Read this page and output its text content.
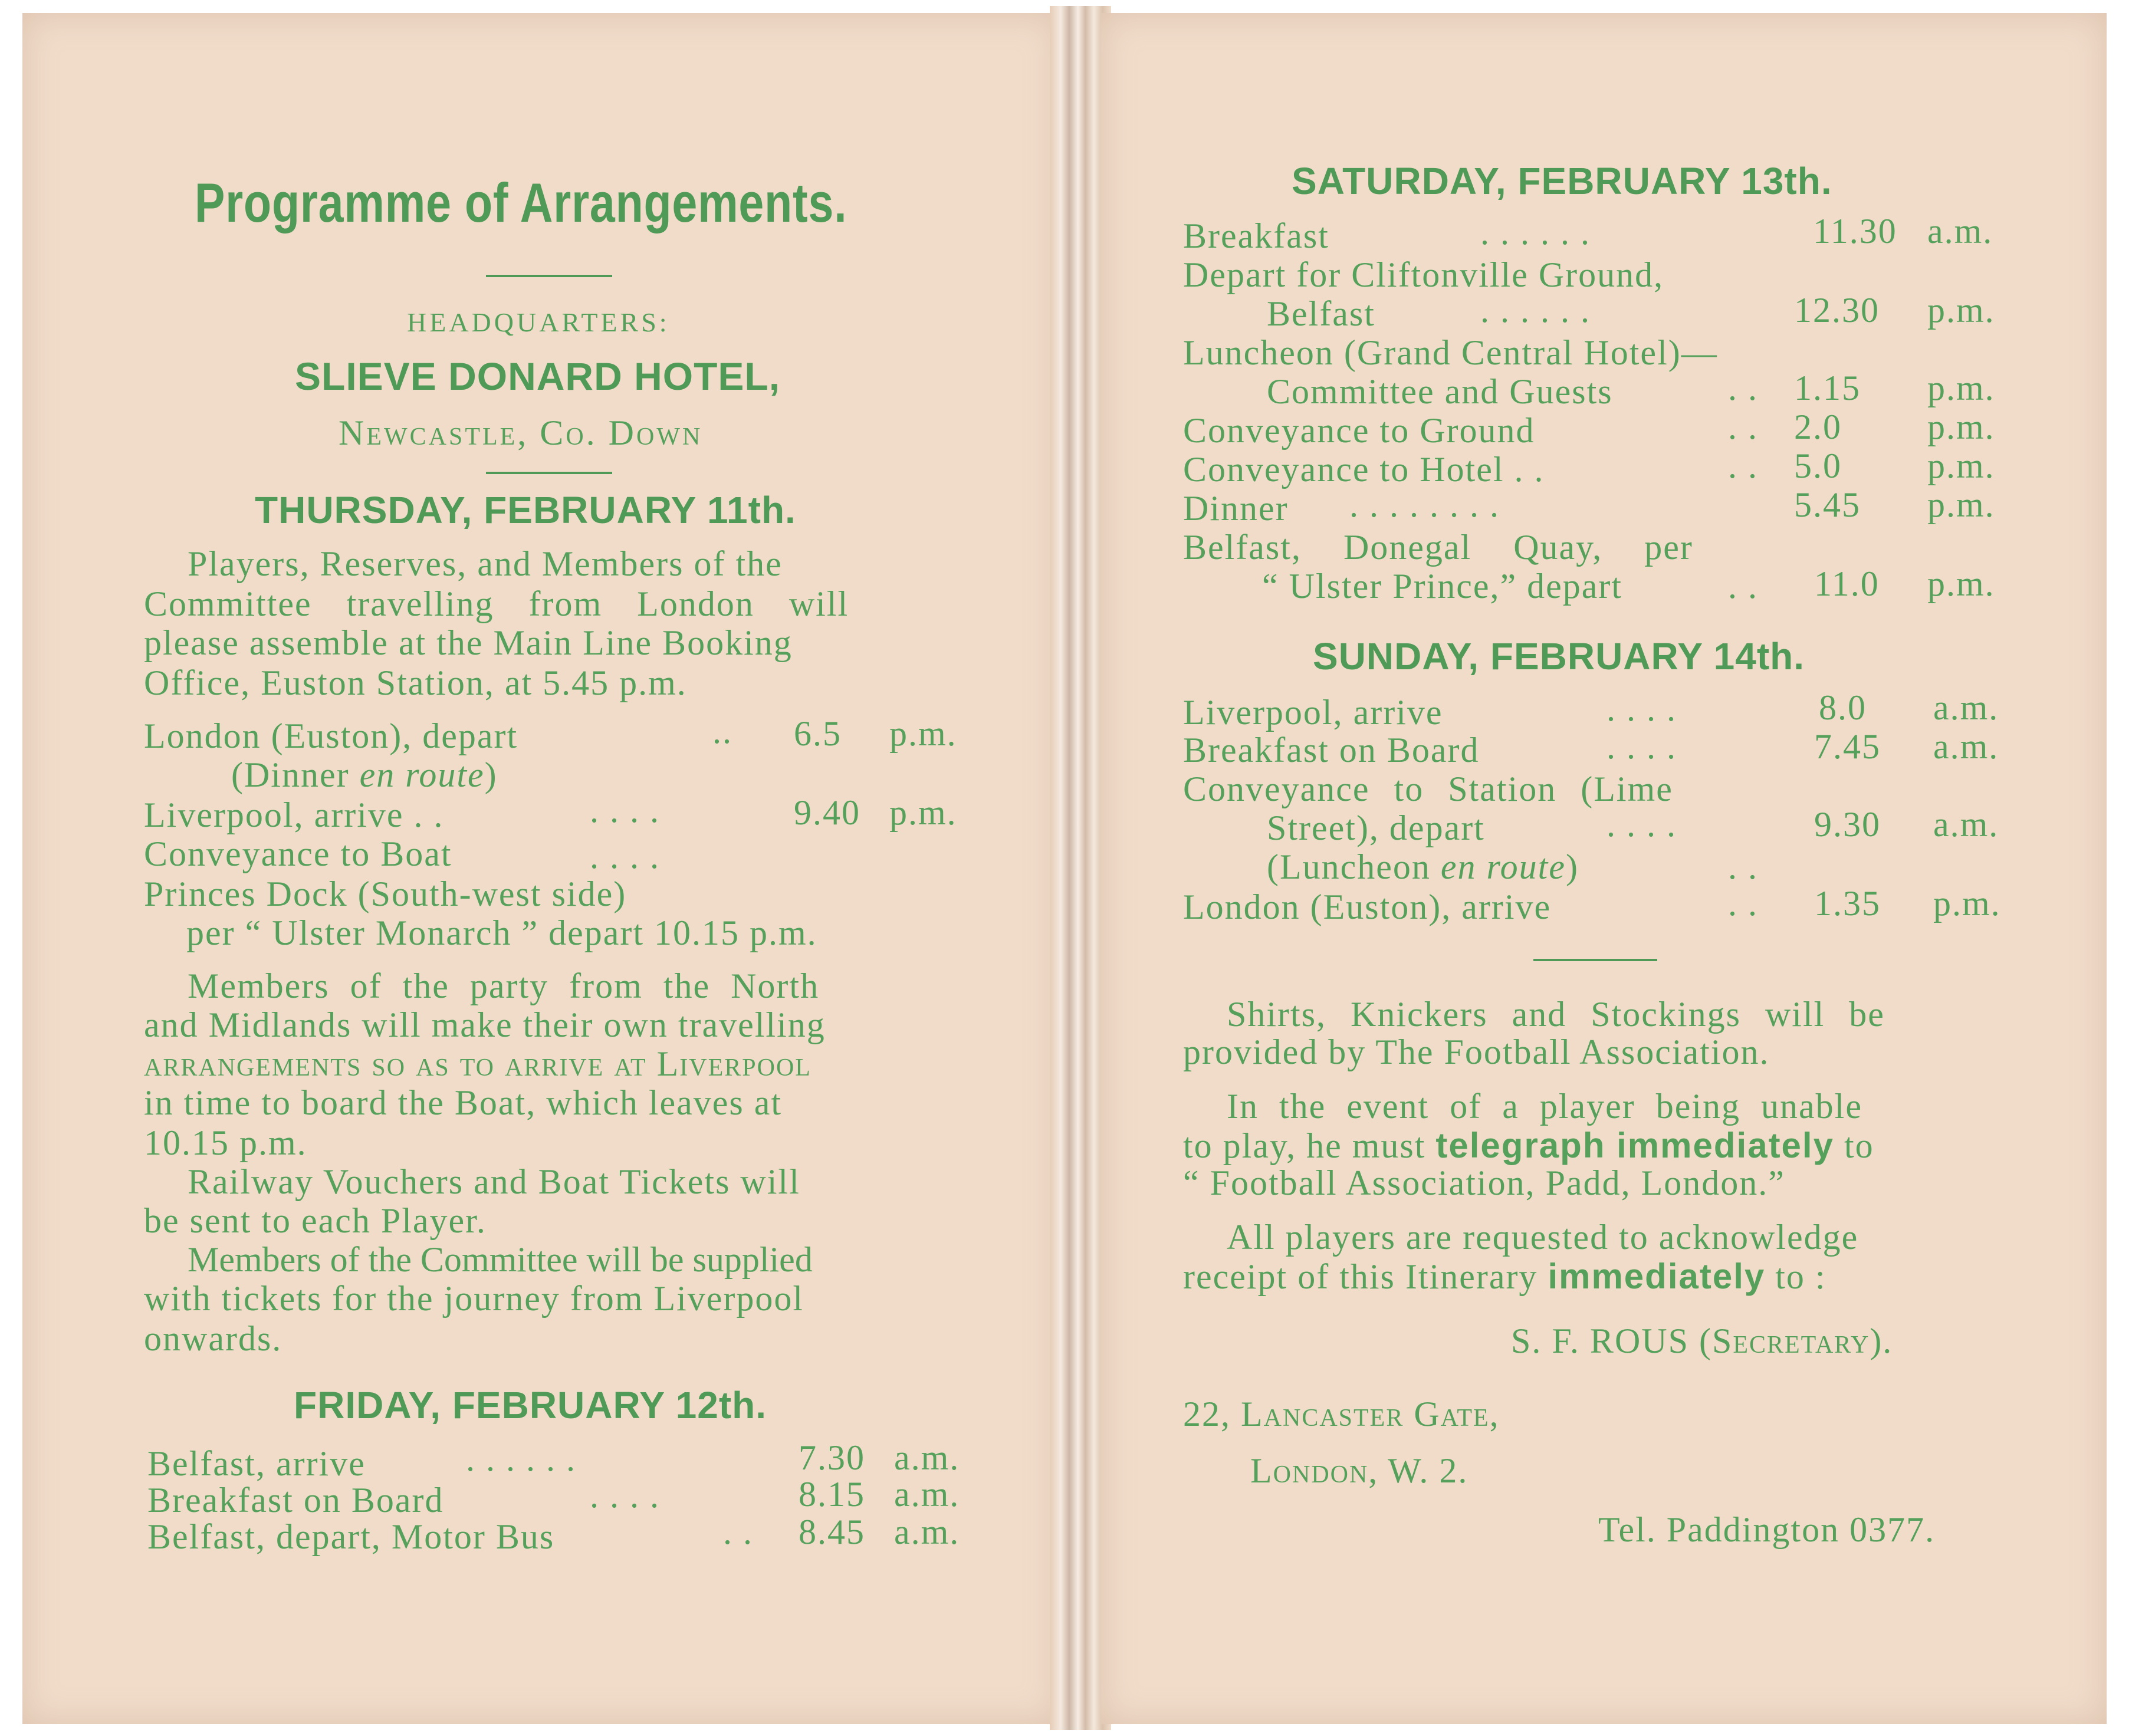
Programme of Arrangements.
HEADQUARTERS:
SLIEVE DONARD HOTEL,
Newcastle, Co. Down
THURSDAY, FEBRUARY 11th.
Players, Reserves, and Members of the
Committee travelling from London will
please assemble at the Main Line Booking
Office, Euston Station, at 5.45 p.m.
London (Euston), depart	.. 6.5 p.m.
(Dinner en route)
Liverpool, arrive . .	. . . .	9.40 p.m.
Conveyance to Boat	. . . .
Princes Dock (South-west side)
per “ Ulster Monarch ” depart 10.15 p.m.
Members of the party from the North
and Midlands will make their own travelling
arrangements so as to arrive at Liverpool
in time to board the Boat, which leaves at
10.15 p.m.
Railway Vouchers and Boat Tickets will
be sent to each Player.
Members of the Committee will be supplied
with tickets for the journey from Liverpool
onwards.
FRIDAY, FEBRUARY 12th.
Belfast, arrive	. . . . . .	7.30 a.m.
Breakfast on Board	. . . .	8.15 a.m.
Belfast, depart, Motor Bus	. . 8.45 a.m.
SATURDAY, FEBRUARY 13th.
Breakfast	. . . . . .	11.30 a.m.
Depart for Cliftonville Ground,
Belfast	. . . . . .	12.30 p.m.
Luncheon (Grand Central Hotel)—
Committee and Guests	. . 1.15 p.m.
Conveyance to Ground	. . 2.0 p.m.
Conveyance to Hotel . .	. . 5.0 p.m.
Dinner . . . . . . . .	5.45 p.m.
Belfast, Donegal Quay, per
“ Ulster Prince,” depart	. . 11.0 p.m.
SUNDAY, FEBRUARY 14th.
Liverpool, arrive	. . . .	8.0 a.m.
Breakfast on Board	. . . .	7.45 a.m.
Conveyance to Station (Lime
Street), depart	. . . .	9.30 a.m.
(Luncheon en route)	. .
London (Euston), arrive	. . 1.35 p.m.
Shirts, Knickers and Stockings will be
provided by The Football Association.
In the event of a player being unable
to play, he must telegraph immediately to
“ Football Association, Padd, London.”
All players are requested to acknowledge
receipt of this Itinerary immediately to :
S. F. ROUS (Secretary).
22, Lancaster Gate,
London, W. 2.
Tel. Paddington 0377.
